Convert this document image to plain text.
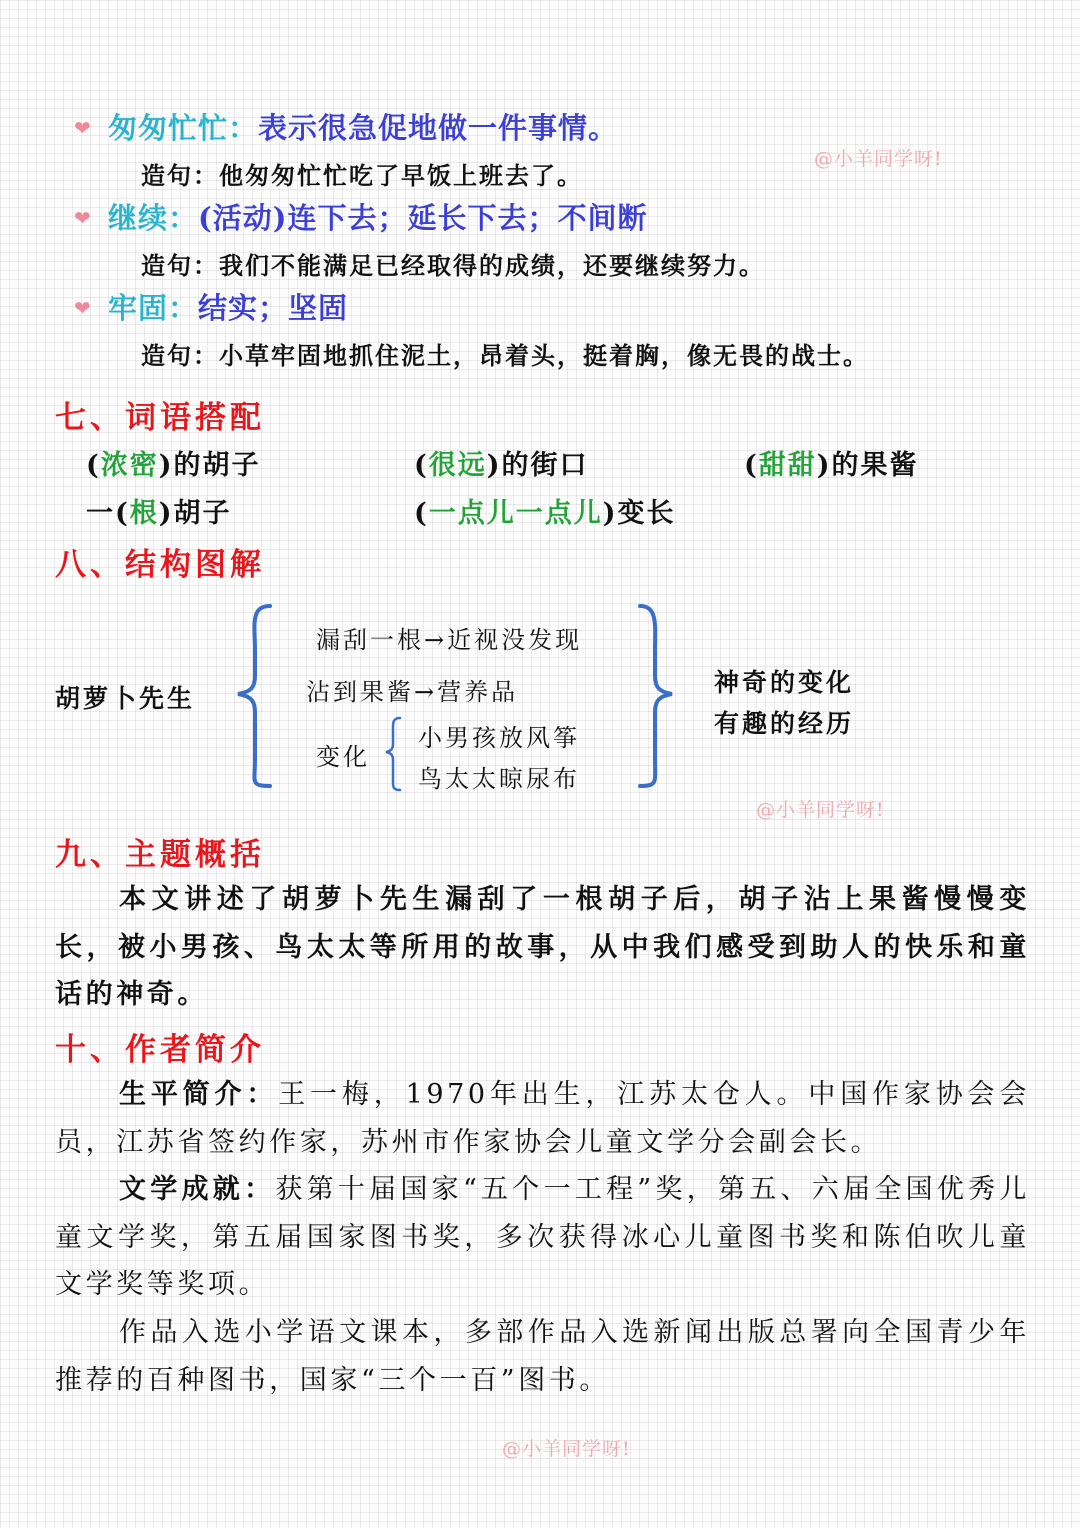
❤ 匆匆忙忙：表示很急促地做一件事情。
造句：他匆匆忙忙吃了早饭上班去了。
@小羊同学呀!
❤ 继续：(活动)连下去；延长下去；不间断
造句：我们不能满足已经取得的成绩，还要继续努力。
❤ 牢固：结实；坚固
造句：小草牢固地抓住泥土，昂着头，挺着胸，像无畏的战士。
七、词语搭配
(浓密)的胡子	(很远)的街口	(甜甜)的果酱
一(根)胡子	(一点儿一点儿)变长
八、结构图解
胡萝卜先生
漏刮一根→近视没发现
沾到果酱→营养品
变化
小男孩放风筝
鸟太太晾尿布
神奇的变化
有趣的经历
@小羊同学呀!
九、主题概括

本文讲述了胡萝卜先生漏刮了一根胡子后，胡子沾上果酱慢慢变长，被小男孩、鸟太太等所用的故事，从中我们感受到助人的快乐和童话的神奇。

十、作者简介

生平简介：王一梅，1970年出生，江苏太仓人。中国作家协会会员，江苏省签约作家，苏州市作家协会儿童文学分会副会长。

文学成就：获第十届国家“五个一工程”奖，第五、六届全国优秀儿童文学奖，第五届国家图书奖，多次获得冰心儿童图书奖和陈伯吹儿童文学奖等奖项。

作品入选小学语文课本，多部作品入选新闻出版总署向全国青少年推荐的百种图书，国家“三个一百”图书。

@小羊同学呀!
